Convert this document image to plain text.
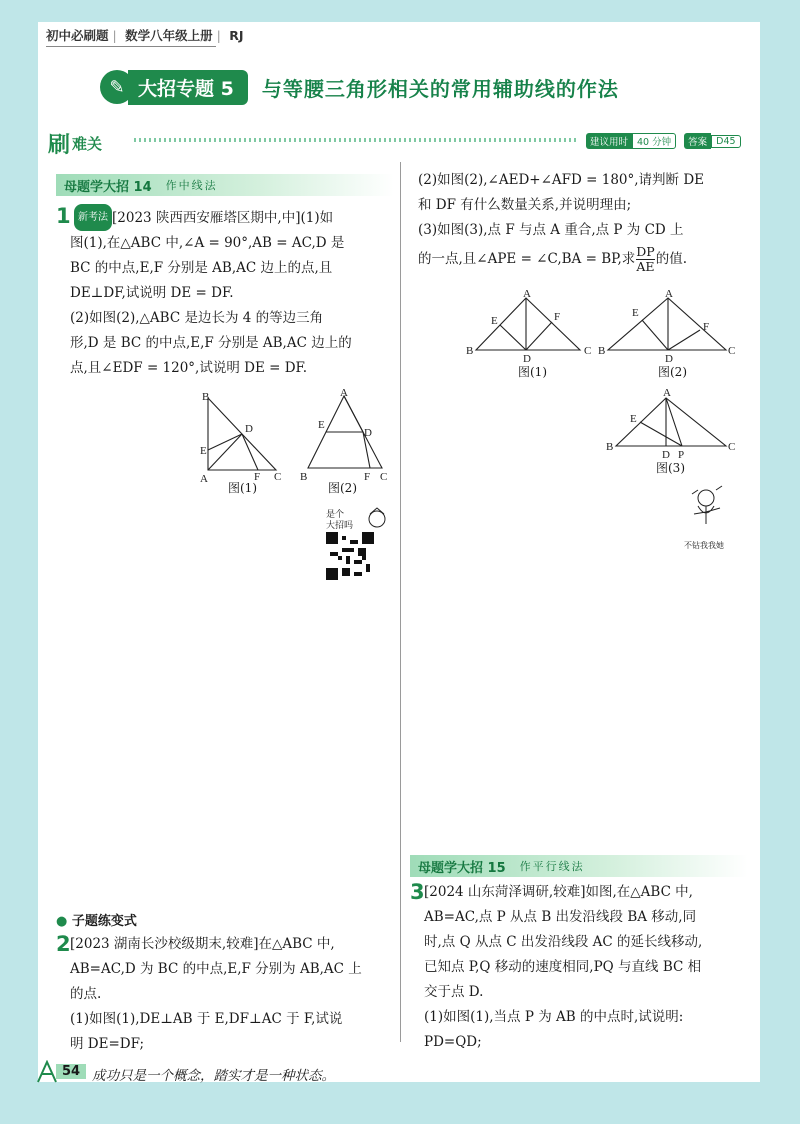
初中必刷题 | 数学八年级上册 | RJ
✎ 大招专题 5	与等腰三角形相关的常用辅助线的作法
刷 难关	建议用时 40 分钟	答案 D45
母题学大招 14 作中线法
1 新考法 [2023 陕西西安雁塔区期中,中](1)如
图(1),在△ABC 中,∠A = 90°,AB = AC,D 是
BC 的中点,E,F 分别是 AB,AC 边上的点,且
DE⊥DF,试说明 DE = DF.
(2)如图(2),△ABC 是边长为 4 的等边三角
形,D 是 BC 的中点,E,F 分别是 AB,AC 边上的
点,且∠EDF = 120°,试说明 DE = DF.
B
E
D
A	F C
A
E
D
B	F C
图(1)	图(2)
是个
大招吗
● 子题练变式
2 [2023 湖南长沙校级期末,较难]在△ABC 中,
AB=AC,D 为 BC 的中点,E,F 分别为 AB,AC 上
的点.
(1)如图(1),DE⊥AB 于 E,DF⊥AC 于 F,试说
明 DE=DF;
(2)如图(2),∠AED+∠AFD = 180°,请判断 DE
和 DF 有什么数量关系,并说明理由;
(3)如图(3),点 F 与点 A 重合,点 P 为 CD 上
的一点,且∠APE = ∠C,BA = BP,求 $\frac{DP}{AE}$ 的值.
A
E	F
B
D
C
A
E
F
B
D
C
A
E
B
D P
C
图(1)	图(2)
图(3)
不钻我我她
母题学大招 15 作平行线法
3 [2024 山东菏泽调研,较难]如图,在△ABC 中,
AB=AC,点 P 从点 B 出发沿线段 BA 移动,同
时,点 Q 从点 C 出发沿线段 AC 的延长线移动,
已知点 P,Q 移动的速度相同,PQ 与直线 BC 相
交于点 D.
(1)如图(1),当点 P 为 AB 的中点时,试说明:
PD=QD;
54 成功只是一个概念，踏实才是一种状态。
